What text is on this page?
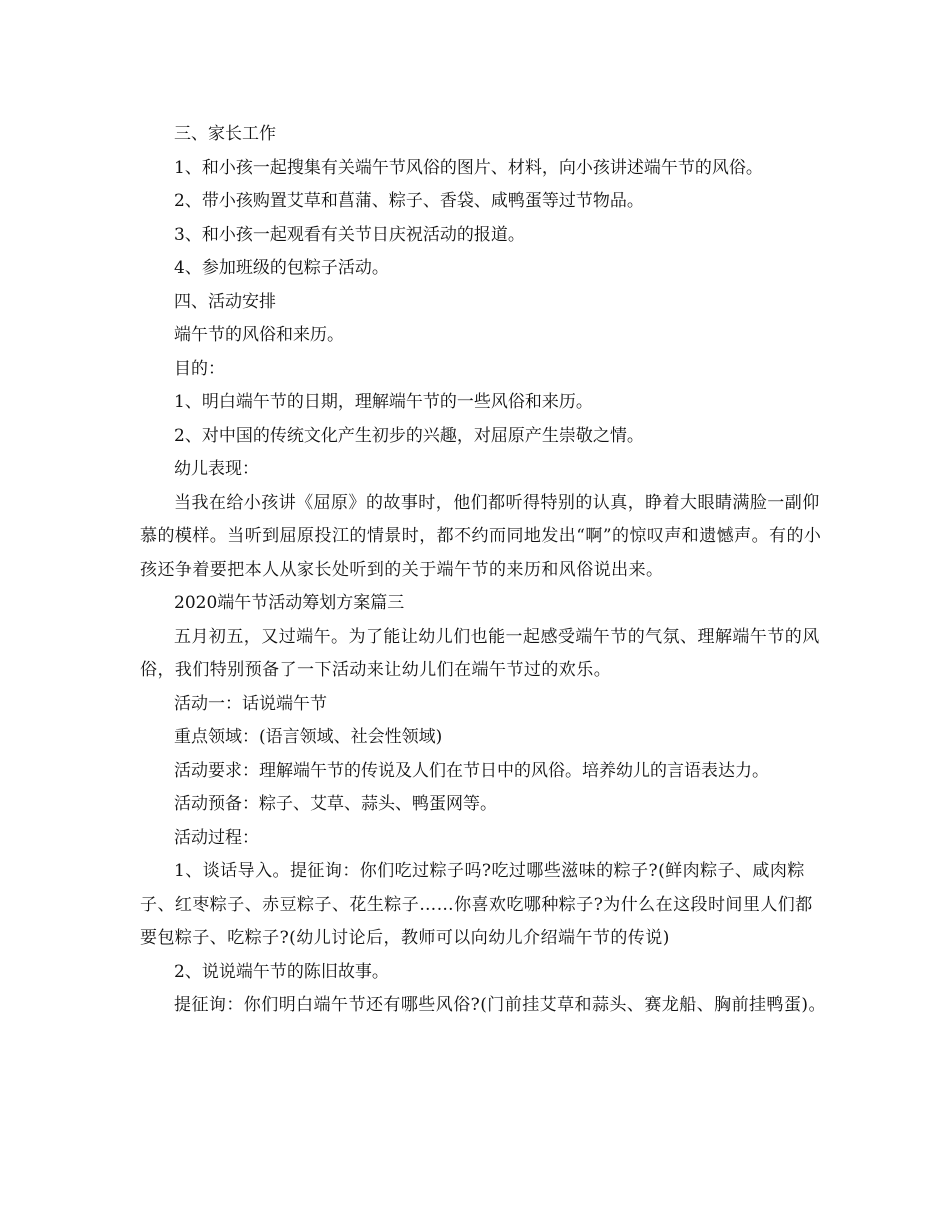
三、家长工作

1、和小孩一起搜集有关端午节风俗的图片、材料，向小孩讲述端午节的风俗。

2、带小孩购置艾草和菖蒲、粽子、香袋、咸鸭蛋等过节物品。

3、和小孩一起观看有关节日庆祝活动的报道。

4、参加班级的包粽子活动。

四、活动安排

端午节的风俗和来历。

目的：

1、明白端午节的日期，理解端午节的一些风俗和来历。

2、对中国的传统文化产生初步的兴趣，对屈原产生崇敬之情。

幼儿表现：

当我在给小孩讲《屈原》的故事时，他们都听得特别的认真，睁着大眼睛满脸一副仰慕的模样。当听到屈原投江的情景时，都不约而同地发出“啊”的惊叹声和遗憾声。有的小孩还争着要把本人从家长处听到的关于端午节的来历和风俗说出来。

2020端午节活动筹划方案篇三

五月初五，又过端午。为了能让幼儿们也能一起感受端午节的气氛、理解端午节的风俗，我们特别预备了一下活动来让幼儿们在端午节过的欢乐。

活动一：话说端午节

重点领域：(语言领域、社会性领域)

活动要求：理解端午节的传说及人们在节日中的风俗。培养幼儿的言语表达力。

活动预备：粽子、艾草、蒜头、鸭蛋网等。

活动过程：

1、谈话导入。提征询：你们吃过粽子吗?吃过哪些滋味的粽子?(鲜肉粽子、咸肉粽子、红枣粽子、赤豆粽子、花生粽子……你喜欢吃哪种粽子?为什么在这段时间里人们都要包粽子、吃粽子?(幼儿讨论后，教师可以向幼儿介绍端午节的传说)

2、说说端午节的陈旧故事。

提征询：你们明白端午节还有哪些风俗?(门前挂艾草和蒜头、赛龙船、胸前挂鸭蛋)。
